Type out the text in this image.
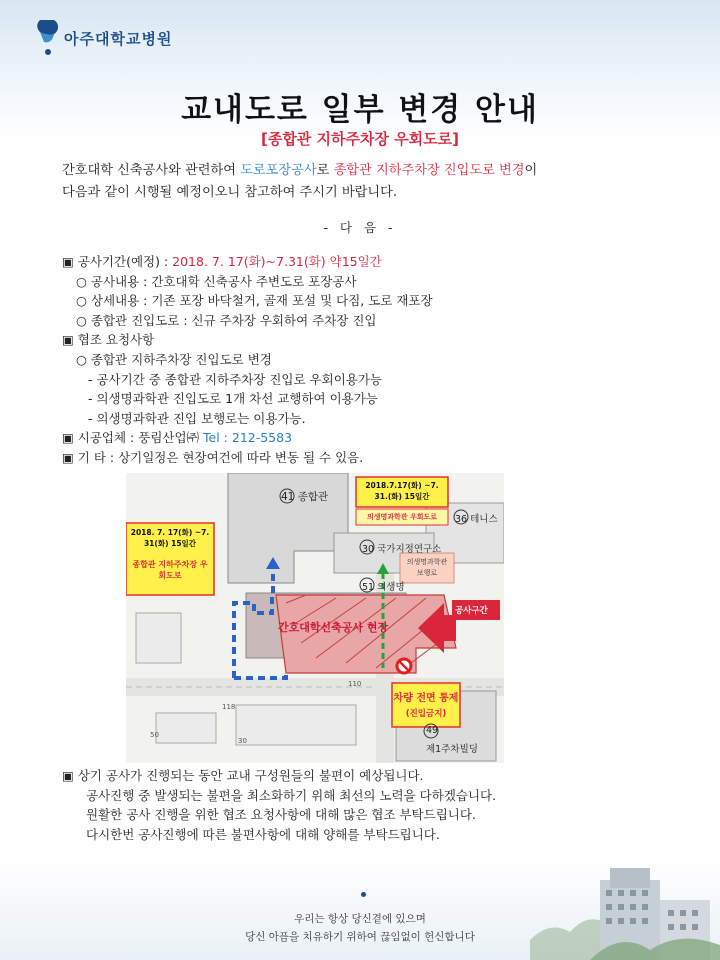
아주대학교병원
교내도로 일부 변경 안내
[종합관 지하주차장 우회도로]
간호대학 신축공사와 관련하여 도로포장공사로 종합관 지하주차장 진입도로 변경이
다음과 같이 시행될 예정이오니 참고하여 주시기 바랍니다.
- 다 음 -
▣ 공사기간(예정) : 2018. 7. 17(화)~7.31(화) 약15일간
○ 공사내용 : 간호대학 신축공사 주변도로 포장공사
○ 상세내용 : 기존 포장 바닥철거, 골재 포설 및 다짐, 도로 재포장
○ 종합관 진입도로 : 신규 주차장 우회하여 주차장 진입
▣ 협조 요청사항
○ 종합관 지하주차장 진입도로 변경
- 공사기간 중 종합관 지하주차장 진입로 우회이용가능
- 의생명과학관 진입도로 1개 차선 교행하여 이용가능
- 의생명과학관 진입 보행로는 이용가능.
▣ 시공업체 : 풍림산업㈜ Tel : 212-5583
▣ 기 타 : 상기일정은 현장여건에 따라 변동 될 수 있음.
41 종합관
36 테니스
30 국가지정연구소
51 의생명
49
제1주차빌딩
간호대학신축공사 현장
공사구간
의생명과학관 보행로
2018. 7. 17(화) ~7. 31(화) 15일간
종합관 지하주차장 우회도로
2018.7.17(화) ~7. 31.(화) 15일간
의생명과학관 우회도로
차량 전면 통제
(진입금지)
110
118
50
30
▣ 상기 공사가 진행되는 동안 교내 구성원들의 불편이 예상됩니다.
공사진행 중 발생되는 불편을 최소화하기 위해 최선의 노력을 다하겠습니다.
원활한 공사 진행을 위한 협조 요청사항에 대해 많은 협조 부탁드립니다.
다시한번 공사진행에 따른 불편사항에 대해 양해를 부탁드립니다.
우리는 항상 당신곁에 있으며
당신 아픔을 치유하기 위하여 끊임없이 헌신합니다
